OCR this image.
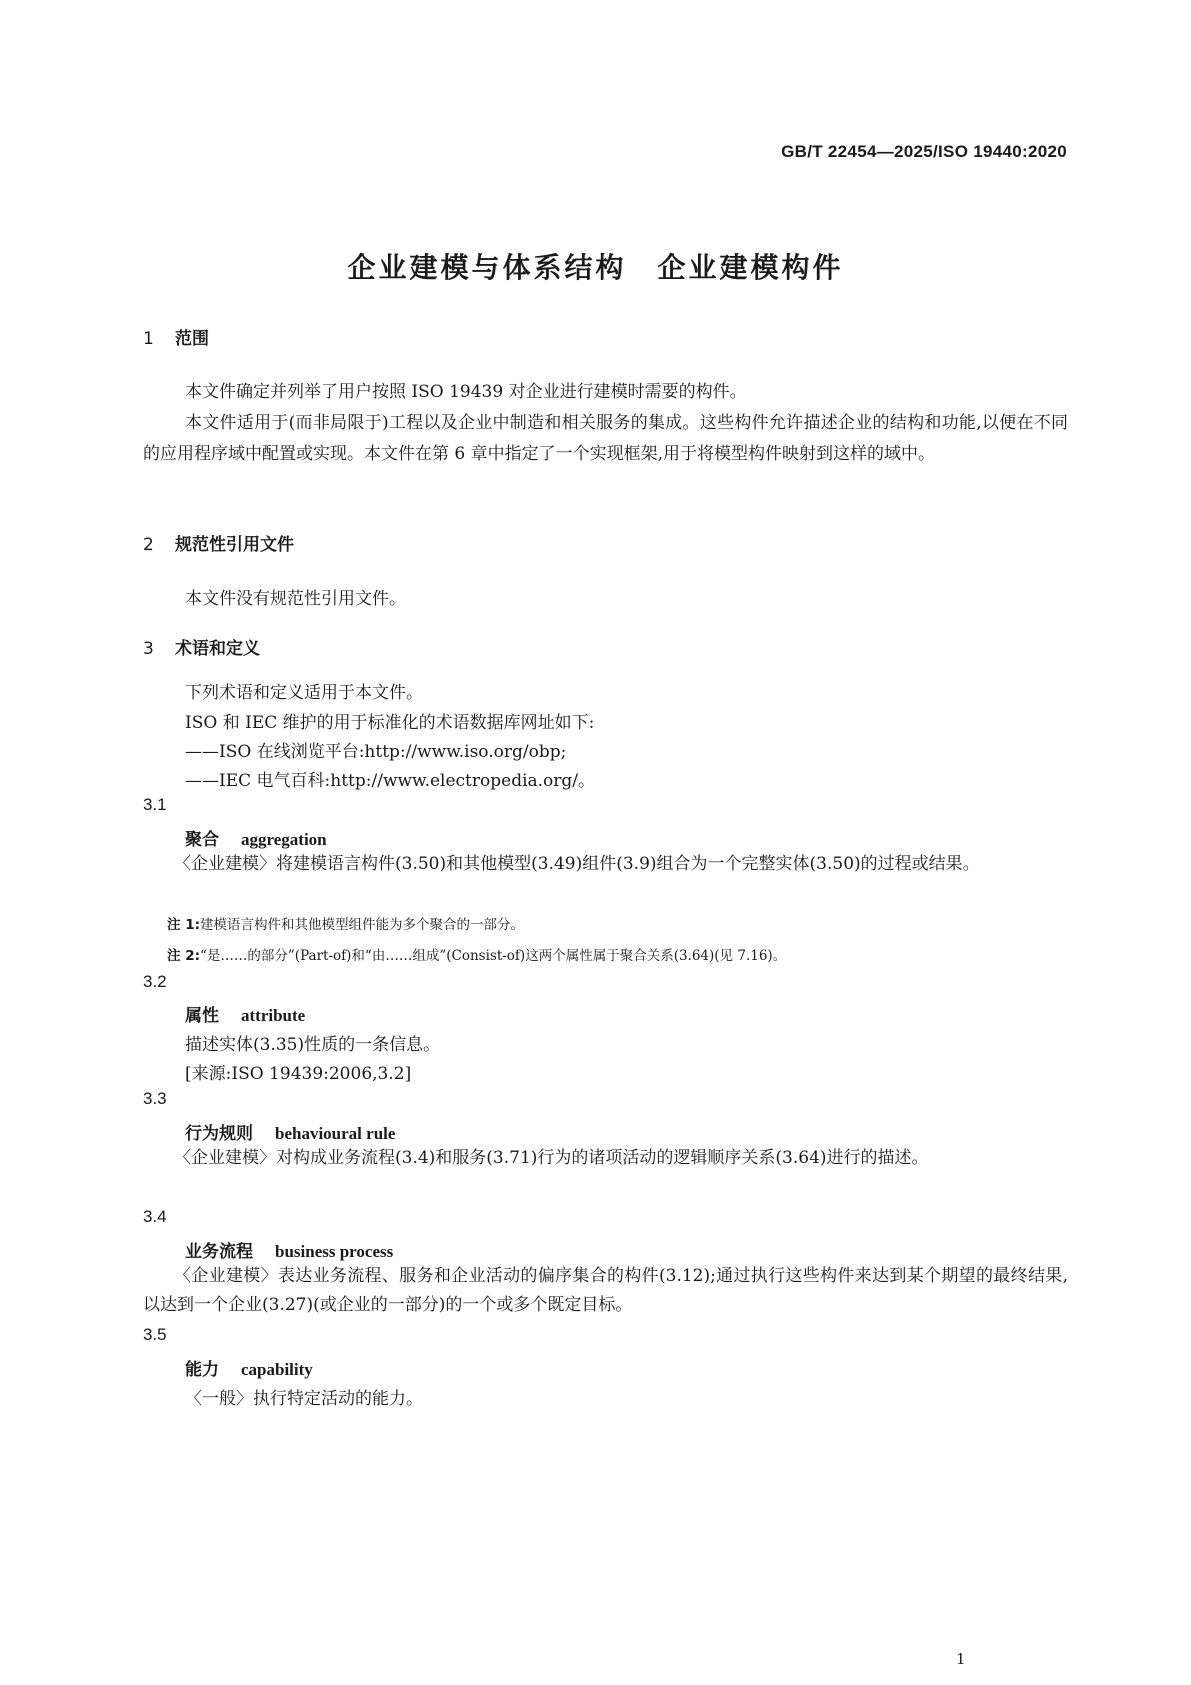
GB/T 22454—2025/ISO 19440:2020
企业建模与体系结构　企业建模构件
1 范围
本文件确定并列举了用户按照 ISO 19439 对企业进行建模时需要的构件。
本文件适用于(而非局限于)工程以及企业中制造和相关服务的集成。这些构件允许描述企业的结构和功能,以便在不同的应用程序域中配置或实现。本文件在第 6 章中指定了一个实现框架,用于将模型构件映射到这样的域中。
2 规范性引用文件
本文件没有规范性引用文件。
3 术语和定义
下列术语和定义适用于本文件。
ISO 和 IEC 维护的用于标准化的术语数据库网址如下:
——ISO 在线浏览平台:http://www.iso.org/obp;
——IEC 电气百科:http://www.electropedia.org/。
3.1
聚合 aggregation
〈企业建模〉将建模语言构件(3.50)和其他模型(3.49)组件(3.9)组合为一个完整实体(3.50)的过程或结果。
注 1:建模语言构件和其他模型组件能为多个聚合的一部分。
注 2:“是……的部分”(Part-of)和“由……组成”(Consist-of)这两个属性属于聚合关系(3.64)(见 7.16)。
3.2
属性 attribute
描述实体(3.35)性质的一条信息。
[来源:ISO 19439:2006,3.2]
3.3
行为规则 behavioural rule
〈企业建模〉对构成业务流程(3.4)和服务(3.71)行为的诸项活动的逻辑顺序关系(3.64)进行的描述。
3.4
业务流程 business process
〈企业建模〉表达业务流程、服务和企业活动的偏序集合的构件(3.12);通过执行这些构件来达到某个期望的最终结果,以达到一个企业(3.27)(或企业的一部分)的一个或多个既定目标。
3.5
能力 capability
〈一般〉执行特定活动的能力。
1
